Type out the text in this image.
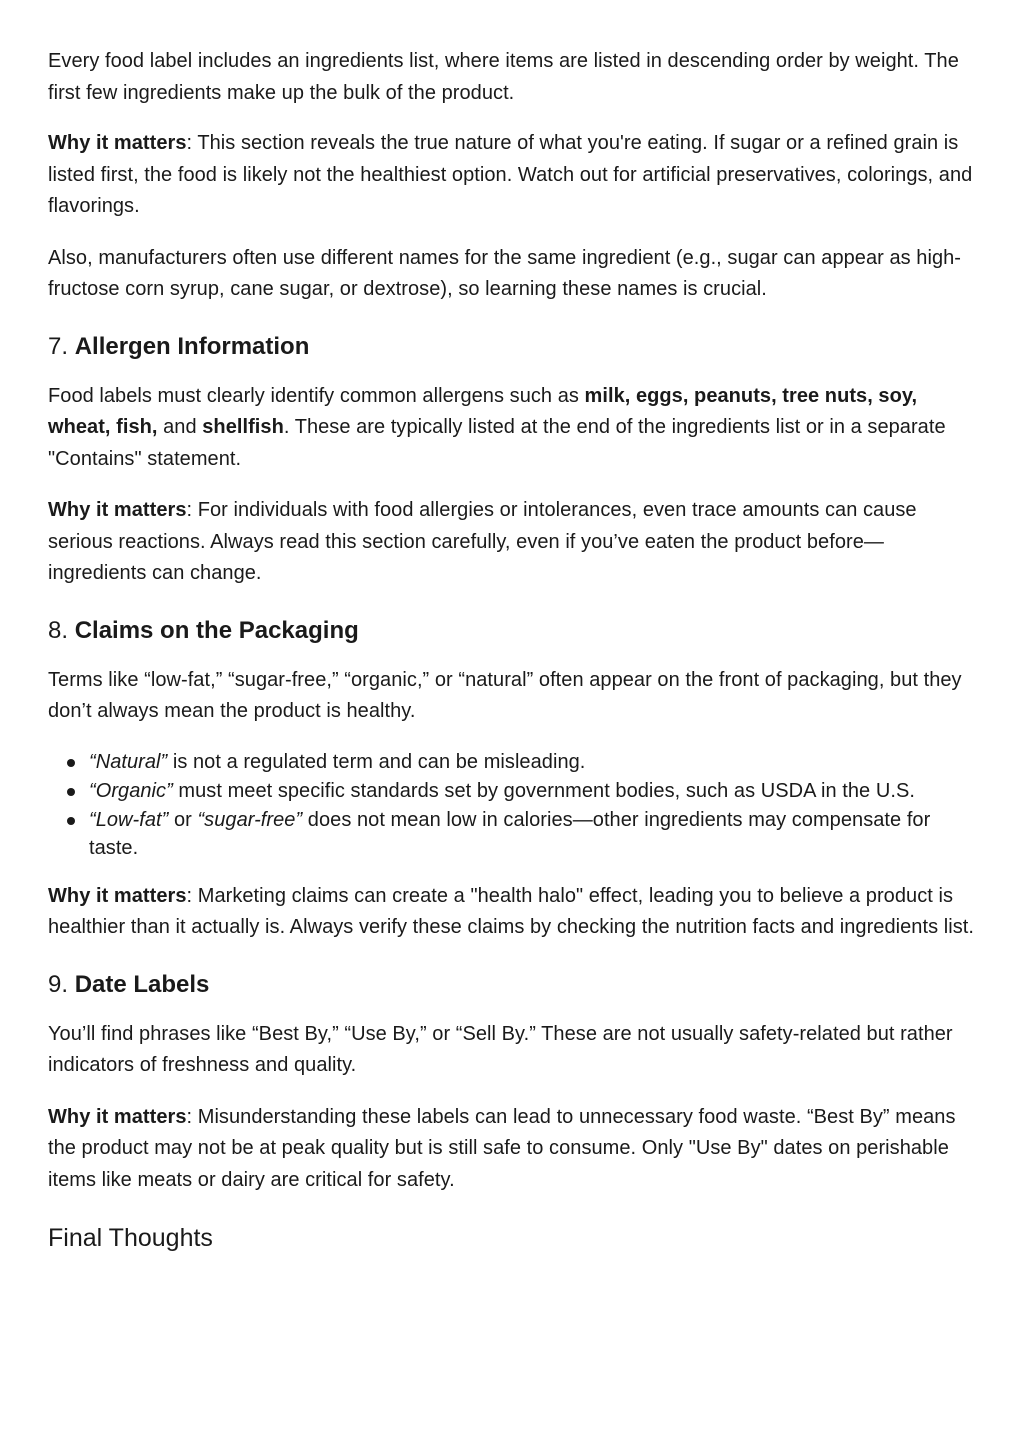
Every food label includes an ingredients list, where items are listed in descending order by weight. The first few ingredients make up the bulk of the product.

Why it matters: This section reveals the true nature of what you're eating. If sugar or a refined grain is listed first, the food is likely not the healthiest option. Watch out for artificial preservatives, colorings, and flavorings.

Also, manufacturers often use different names for the same ingredient (e.g., sugar can appear as high-fructose corn syrup, cane sugar, or dextrose), so learning these names is crucial.

7. Allergen Information

Food labels must clearly identify common allergens such as milk, eggs, peanuts, tree nuts, soy, wheat, fish, and shellfish. These are typically listed at the end of the ingredients list or in a separate "Contains" statement.

Why it matters: For individuals with food allergies or intolerances, even trace amounts can cause serious reactions. Always read this section carefully, even if you’ve eaten the product before—ingredients can change.

8. Claims on the Packaging

Terms like “low-fat,” “sugar-free,” “organic,” or “natural” often appear on the front of packaging, but they don’t always mean the product is healthy.

“Natural” is not a regulated term and can be misleading.
“Organic” must meet specific standards set by government bodies, such as USDA in the U.S.
“Low-fat” or “sugar-free” does not mean low in calories—other ingredients may compensate for taste.

Why it matters: Marketing claims can create a "health halo" effect, leading you to believe a product is healthier than it actually is. Always verify these claims by checking the nutrition facts and ingredients list.

9. Date Labels

You’ll find phrases like “Best By,” “Use By,” or “Sell By.” These are not usually safety-related but rather indicators of freshness and quality.

Why it matters: Misunderstanding these labels can lead to unnecessary food waste. “Best By” means the product may not be at peak quality but is still safe to consume. Only "Use By" dates on perishable items like meats or dairy are critical for safety.

Final Thoughts
